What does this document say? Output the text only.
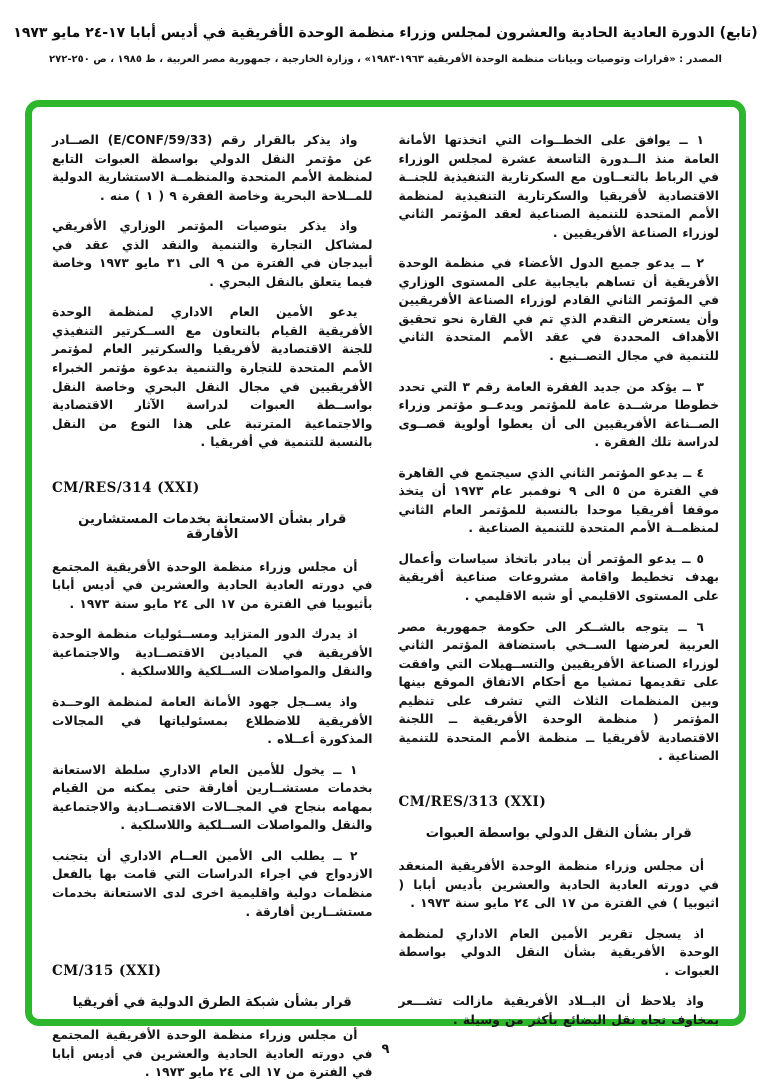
(تابع) الدورة العادية الحادية والعشرون لمجلس وزراء منظمة الوحدة الأفريقية في أديس أبابا ١٧-٢٤ مايو ١٩٧٣
المصدر : «قرارات وتوصيات وبيانات منظمة الوحدة الأفريقية ١٩٦٣-١٩٨٣» ، وزارة الخارجية ، جمهورية مصر العربية ، ط ١٩٨٥ ، ص ٢٥٠-٢٧٢

١ ــ يوافق على الخطــوات التي اتخذتها الأمانة العامة منذ الــدورة التاسعة عشرة لمجلس الوزراء في الرباط بالتعــاون مع السكرتارية التنفيذية للجنــة الاقتصادية لأفريقيا والسكرتارية التنفيذية لمنظمة الأمم المتحدة للتنمية الصناعية لعقد المؤتمر الثاني لوزراء الصناعة الأفريقيين .

٢ ــ يدعو جميع الدول الأعضاء في منظمة الوحدة الأفريقية أن تساهم بايجابية على المستوى الوزاري في المؤتمر الثاني القادم لوزراء الصناعة الأفريقيين وأن يستعرض التقدم الذي تم في القارة نحو تحقيق الأهداف المحددة في عقد الأمم المتحدة الثاني للتنمية في مجال التصــنيع .

٣ ــ يؤكد من جديد الفقرة العامة رقم ٣ التي تحدد خطوطا مرشــدة عامة للمؤتمر ويدعــو مؤتمر وزراء الصــناعة الأفريقيين الى أن يعطوا أولوية قصــوى لدراسة تلك الفقرة .

٤ ــ يدعو المؤتمر الثاني الذي سيجتمع في القاهرة في الفترة من ٥ الى ٩ نوفمبر عام ١٩٧٣ أن يتخذ موقفا أفريقيا موحدا بالنسبة للمؤتمر العام الثاني لمنظمــة الأمم المتحدة للتنمية الصناعية .

٥ ــ يدعو المؤتمر أن يبادر باتخاذ سياسات وأعمال بهدف تخطيط واقامة مشروعات صناعية أفريقية على المستوى الاقليمي أو شبه الاقليمي .

٦ ــ يتوجه بالشــكر الى حكومة جمهورية مصر العربية لعرضها الســخي باستضافة المؤتمر الثاني لوزراء الصناعة الأفريقيين والتســهيلات التي وافقت على تقديمها تمشيا مع أحكام الاتفاق الموقع بينها وبين المنظمات الثلاث التي تشرف على تنظيم المؤتمر ( منظمة الوحدة الأفريقية ــ اللجنة الاقتصادية لأفريقيا ــ منظمة الأمم المتحدة للتنمية الصناعية .

CM/RES/313 (XXI)
قرار بشأن النقل الدولي بواسطة العبوات

أن مجلس وزراء منظمة الوحدة الأفريقية المنعقد في دورته العادية الحادية والعشرين بأديس أبابا ( اثيوبيا ) في الفترة من ١٧ الى ٢٤ مايو سنة ١٩٧٣ .

اذ يسجل تقرير الأمين العام الاداري لمنظمة الوحدة الأفريقية بشأن النقل الدولي بواسطة العبوات .

واذ يلاحظ أن البــلاد الأفريقية مازالت تشـــعر بمخاوف تجاه نقل البضائع بأكثر من وسيلة .

واذ يذكر بالقرار رقم (E/CONF/59/33) الصــادر عن مؤتمر النقل الدولي بواسطة العبوات التابع لمنظمة الأمم المتحدة والمنظمــة الاستشارية الدولية للمــلاحة البحرية وخاصة الفقرة ٩ ( ١ ) منه .

واذ يذكر بتوصيات المؤتمر الوزاري الأفريقي لمشاكل التجارة والتنمية والنقد الذي عقد في أبيدجان في الفترة من ٩ الى ٣١ مايو ١٩٧٣ وخاصة فيما يتعلق بالنقل البحري .

يدعو الأمين العام الاداري لمنظمة الوحدة الأفريقية القيام بالتعاون مع الســكرتير التنفيذي للجنة الاقتصادية لأفريقيا والسكرتير العام لمؤتمر الأمم المتحدة للتجارة والتنمية بدعوة مؤتمر الخبراء الأفريقيين في مجال النقل البحري وخاصة النقل بواســطة العبوات لدراسة الآثار الاقتصادية والاجتماعية المترتبة على هذا النوع من النقل بالنسبة للتنمية في أفريقيا .

CM/RES/314 (XXI)
قرار بشأن الاستعانة بخدمات المستشارين الأفارقة

أن مجلس وزراء منظمة الوحدة الأفريقية المجتمع في دورته العادية الحادية والعشرين في أديس أبابا بأثيوبيا في الفترة من ١٧ الى ٢٤ مايو سنة ١٩٧٣ .

اذ يدرك الدور المتزايد ومســئوليات منظمة الوحدة الأفريقية في الميادين الاقتصــادية والاجتماعية والنقل والمواصلات الســلكية واللاسلكية .

واذ يســجل جهود الأمانة العامة لمنظمة الوحــدة الأفريقية للاضطلاع بمسئولياتها في المجالات المذكورة أعــلاه .

١ ــ يخول للأمين العام الاداري سلطة الاستعانة بخدمات مستشــارين أفارقة حتى يمكنه من القيام بمهامه بنجاح في المجــالات الاقتصــادية والاجتماعية والنقل والمواصلات الســلكية واللاسلكية .

٢ ــ يطلب الى الأمين العــام الاداري أن يتجنب الازدواج في اجراء الدراسات التي قامت بها بالفعل منظمات دولية واقليمية اخرى لدى الاستعانة بخدمات مستشــارين أفارقة .

CM/315 (XXI)
قرار بشأن شبكة الطرق الدولية في أفريقيا

أن مجلس وزراء منظمة الوحدة الأفريقية المجتمع في دورته العادية الحادية والعشرين في أديس أبابا في الفترة من ١٧ الى ٢٤ مايو ١٩٧٣ .

٩
